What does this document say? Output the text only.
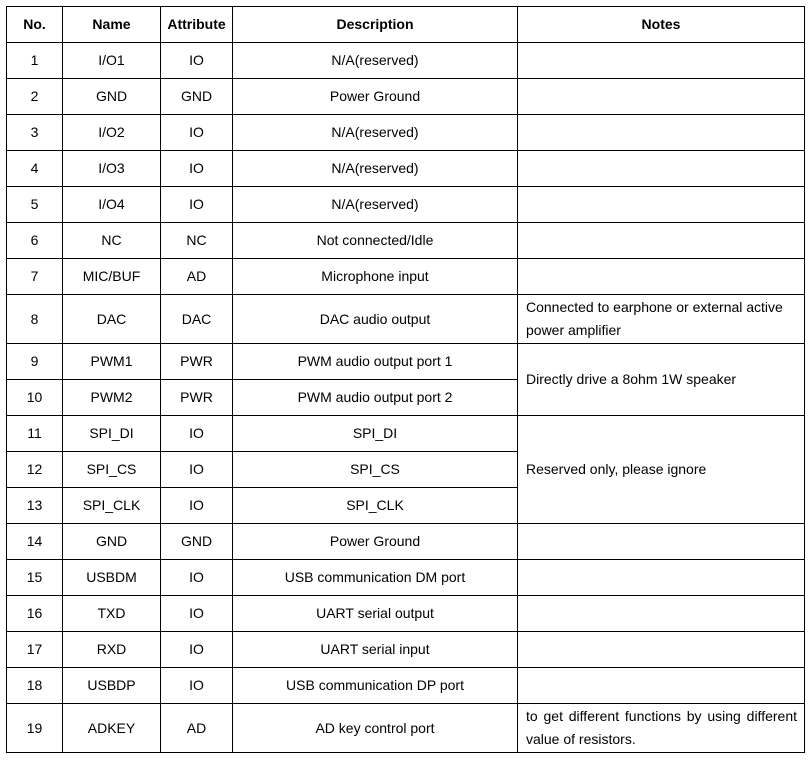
No.	Name	Attribute	Description	Notes
1	I/O1	IO	N/A(reserved)	
2	GND	GND	Power Ground	
3	I/O2	IO	N/A(reserved)	
4	I/O3	IO	N/A(reserved)	
5	I/O4	IO	N/A(reserved)	
6	NC	NC	Not connected/Idle	
7	MIC/BUF	AD	Microphone input	
8	DAC	DAC	DAC audio output	Connected to earphone or external active power amplifier
9	PWM1	PWR	PWM audio output port 1	Directly drive a 8ohm 1W speaker
10	PWM2	PWR	PWM audio output port 2	
11	SPI_DI	IO	SPI_DI	Reserved only, please ignore
12	SPI_CS	IO	SPI_CS	
13	SPI_CLK	IO	SPI_CLK	
14	GND	GND	Power Ground	
15	USBDM	IO	USB communication DM port	
16	TXD	IO	UART serial output	
17	RXD	IO	UART serial input	
18	USBDP	IO	USB communication DP port	
19	ADKEY	AD	AD key control port	to get different functions by using different value of resistors.
